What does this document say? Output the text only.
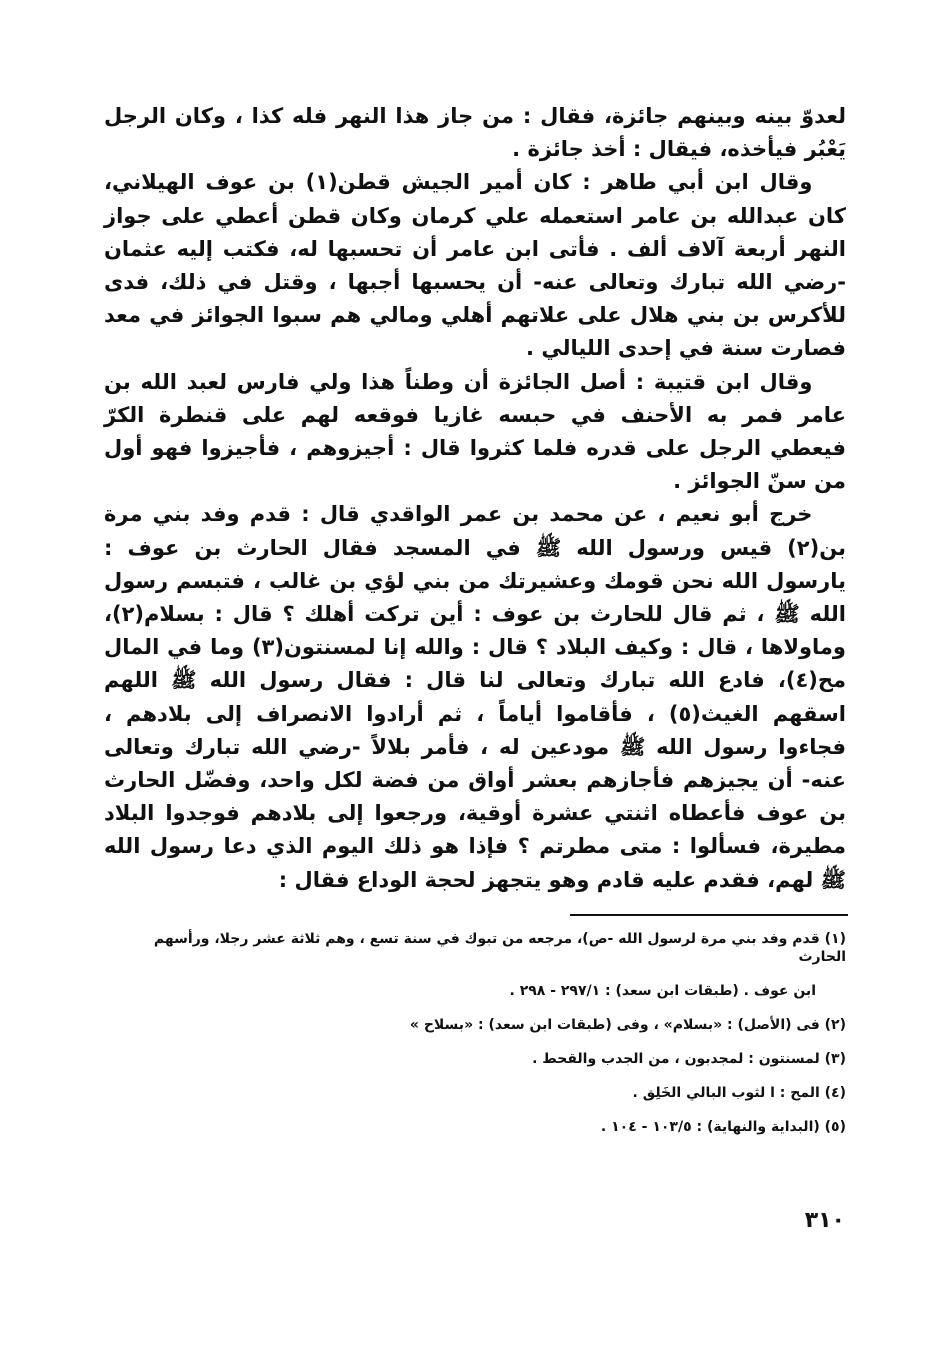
لعدوّ بينه وبينهم جائزة، فقال : من جاز هذا النهر فله كذا ، وكان الرجل يَعْبُر فيأخذه، فيقال : أخذ جائزة .

وقال ابن أبي طاهر : كان أمير الجيش قطن(١) بن عوف الهيلاني، كان عبدالله بن عامر استعمله علي كرمان وكان قطن أعطي على جواز النهر أربعة آلاف ألف . فأتى ابن عامر أن تحسبها له، فكتب إليه عثمان -رضي الله تبارك وتعالى عنه- أن يحسبها أجبها ، وقتل في ذلك، فدى للأكرس بن بني هلال على علاتهم أهلي ومالي هم سبوا الجوائز في معد فصارت سنة في إحدى الليالي .

وقال ابن قتيبة : أصل الجائزة أن وطناً هذا ولي فارس لعبد الله بن عامر فمر به الأحنف في حبسه غازيا فوقعه لهم على قنطرة الكرّ فيعطي الرجل على قدره فلما كثروا قال : أجيزوهم ، فأجيزوا فهو أول من سنّ الجوائز .

خرج أبو نعيم ، عن محمد بن عمر الواقدي قال : قدم وفد بني مرة بن(٢) قيس ورسول الله ﷺ في المسجد فقال الحارث بن عوف : يارسول الله نحن قومك وعشيرتك من بني لؤي بن غالب ، فتبسم رسول الله ﷺ ، ثم قال للحارث بن عوف : أين تركت أهلك ؟ قال : بسلام(٢)، وماولاها ، قال : وكيف البلاد ؟ قال : والله إنا لمسنتون(٣) وما في المال مح(٤)، فادع الله تبارك وتعالى لنا قال : فقال رسول الله ﷺ اللهم اسقهم الغيث(٥) ، فأقاموا أياماً ، ثم أرادوا الانصراف إلى بلادهم ، فجاءوا رسول الله ﷺ مودعين له ، فأمر بلالاً -رضي الله تبارك وتعالى عنه- أن يجيزهم فأجازهم بعشر أواق من فضة لكل واحد، وفضّل الحارث بن عوف فأعطاه اثنتي عشرة أوقية، ورجعوا إلى بلادهم فوجدوا البلاد مطيرة، فسألوا : متى مطرتم ؟ فإذا هو ذلك اليوم الذي دعا رسول الله ﷺ لهم، فقدم عليه قادم وهو يتجهز لحجة الوداع فقال :

(١) قدم وفد بني مرة لرسول الله -ص)، مرجعه من تبوك في سنة تسع ، وهم ثلاثة عشر رجلا، ورأسهم الحارث

ابن عوف . (طبقات ابن سعد) : ٢٩٧/١ - ٢٩٨ .

(٢) فى (الأصل) : «بسلام» ، وفى (طبقات ابن سعد) : «بسلاح »

(٣) لمسنتون : لمجدبون ، من الجدب والقحط .

(٤) المح : ا لثوب البالي الخَلِق .

(٥) (البداية والنهاية) : ١٠٣/٥ - ١٠٤ .

٣١٠
